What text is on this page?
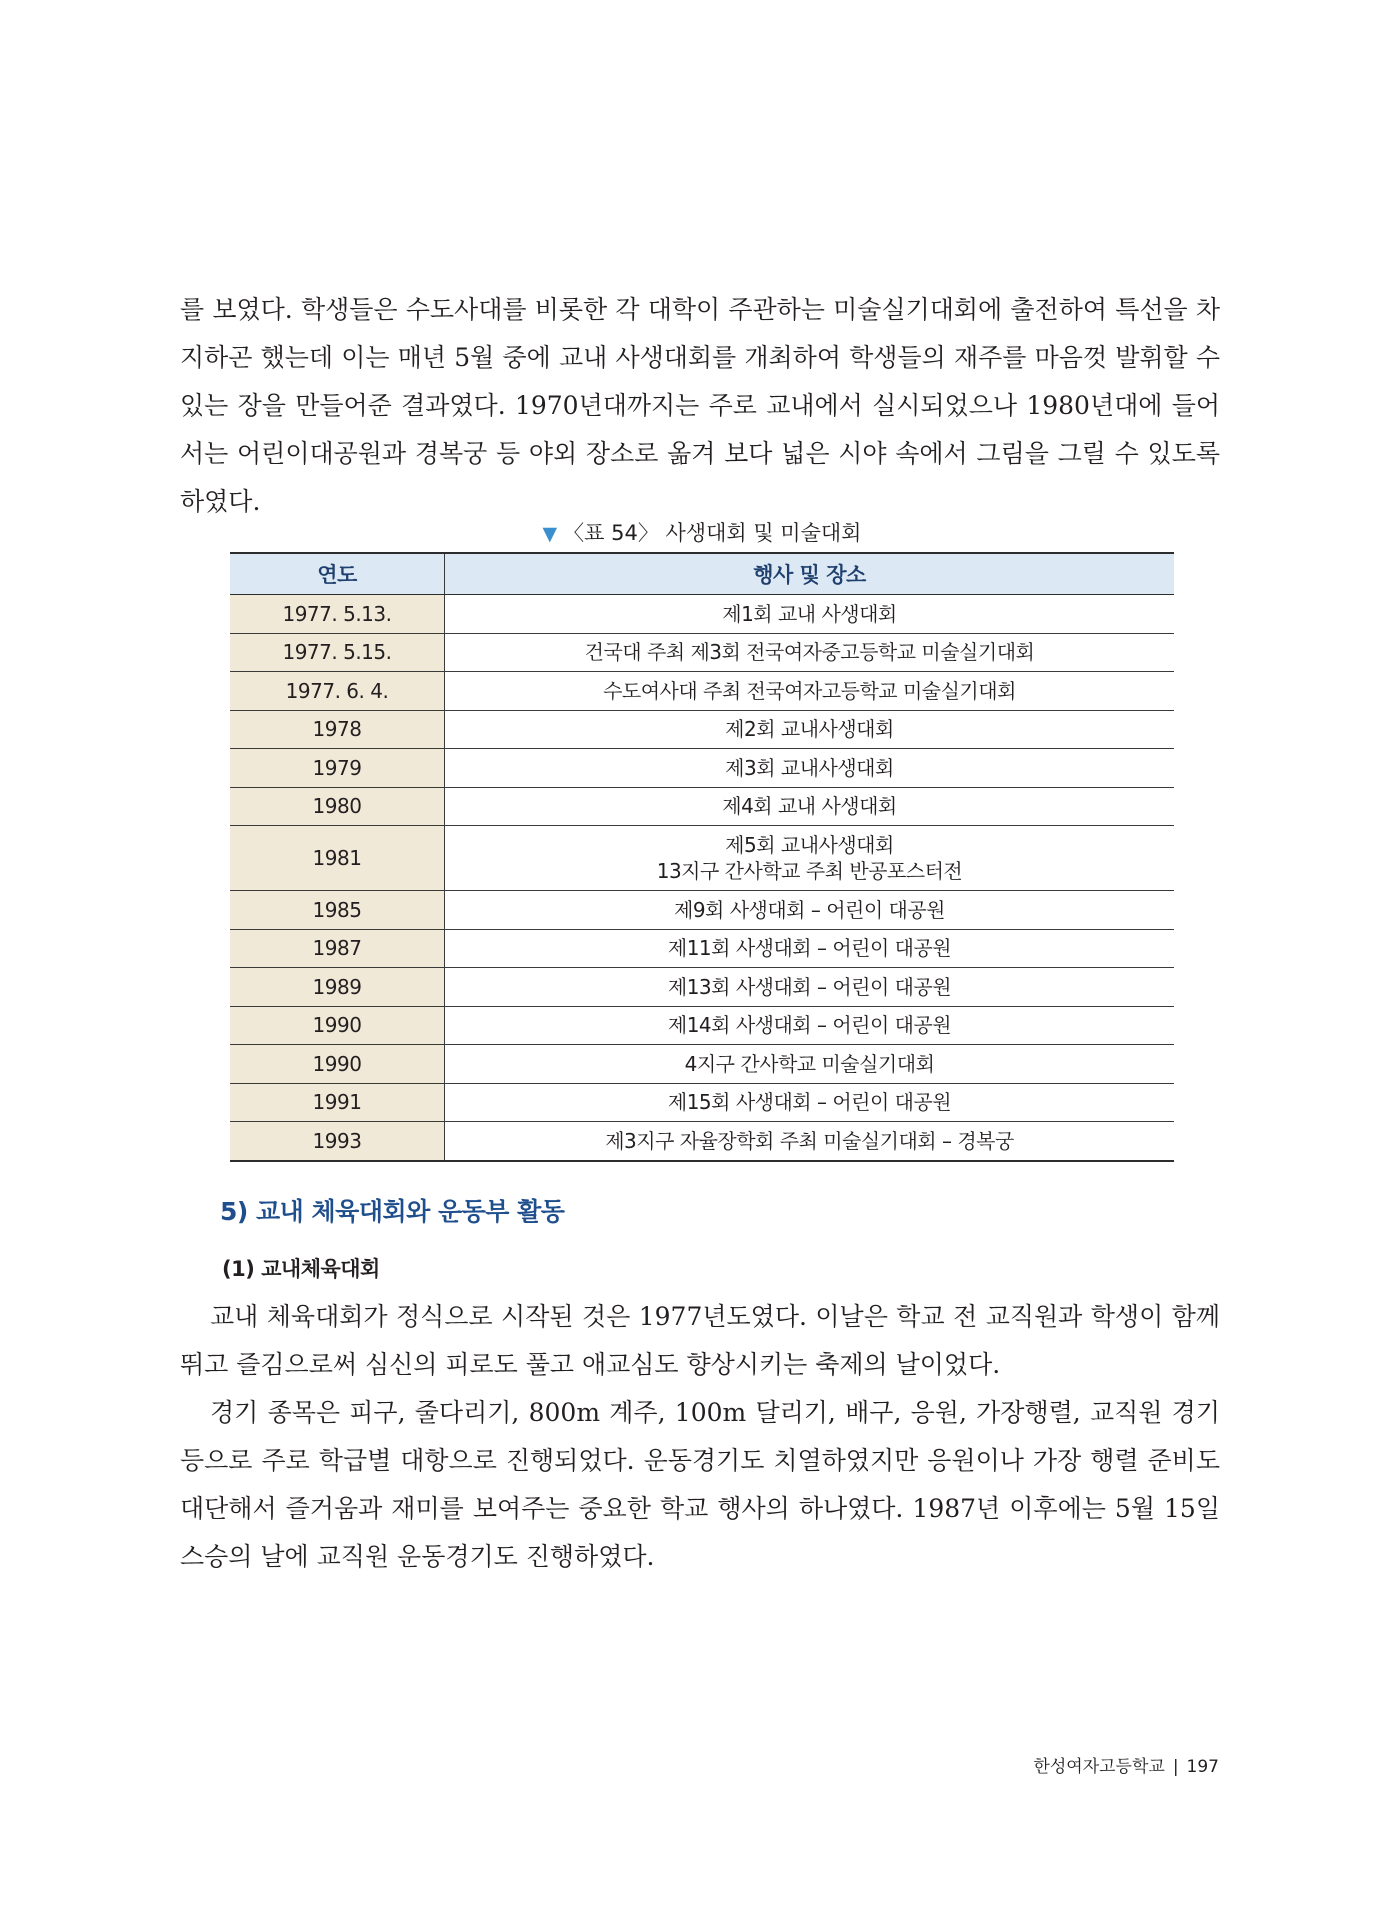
를 보였다. 학생들은 수도사대를 비롯한 각 대학이 주관하는 미술실기대회에 출전하여 특선을 차지하곤 했는데 이는 매년 5월 중에 교내 사생대회를 개최하여 학생들의 재주를 마음껏 발휘할 수 있는 장을 만들어준 결과였다. 1970년대까지는 주로 교내에서 실시되었으나 1980년대에 들어서는 어린이대공원과 경복궁 등 야외 장소로 옮겨 보다 넓은 시야 속에서 그림을 그릴 수 있도록 하였다.

▼ 〈표 54〉 사생대회 및 미술대회
연도	행사 및 장소
1977. 5.13.	제1회 교내 사생대회

1977. 5.15.	건국대 주최 제3회 전국여자중고등학교 미술실기대회

1977. 6. 4.	수도여사대 주최 전국여자고등학교 미술실기대회

1978	제2회 교내사생대회

1979	제3회 교내사생대회

1980	제4회 교내 사생대회

1981	제5회 교내사생대회
13지구 간사학교 주최 반공포스터전

1985	제9회 사생대회 – 어린이 대공원

1987	제11회 사생대회 – 어린이 대공원

1989	제13회 사생대회 – 어린이 대공원

1990	제14회 사생대회 – 어린이 대공원

1990	4지구 간사학교 미술실기대회

1991	제15회 사생대회 – 어린이 대공원

1993	제3지구 자율장학회 주최 미술실기대회 – 경복궁
5) 교내 체육대회와 운동부 활동
(1) 교내체육대회

교내 체육대회가 정식으로 시작된 것은 1977년도였다. 이날은 학교 전 교직원과 학생이 함께 뛰고 즐김으로써 심신의 피로도 풀고 애교심도 향상시키는 축제의 날이었다.

경기 종목은 피구, 줄다리기, 800m 계주, 100m 달리기, 배구, 응원, 가장행렬, 교직원 경기 등으로 주로 학급별 대항으로 진행되었다. 운동경기도 치열하였지만 응원이나 가장 행렬 준비도 대단해서 즐거움과 재미를 보여주는 중요한 학교 행사의 하나였다. 1987년 이후에는 5월 15일 스승의 날에 교직원 운동경기도 진행하였다.

한성여자고등학교 | 197
